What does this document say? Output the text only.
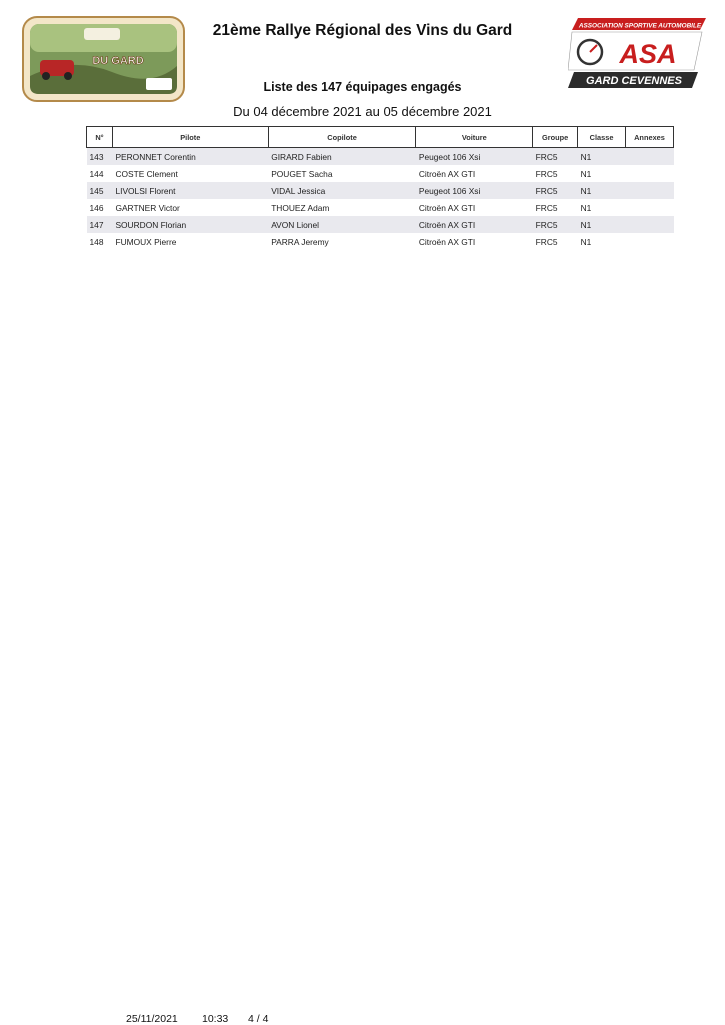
DU GARD
ASSOCIATION SPORTIVE AUTOMOBILE
ASA
GARD CEVENNES
21ème Rallye Régional des Vins du Gard
Liste des 147 équipages engagés
Du 04 décembre 2021 au 05 décembre 2021
N°	Pilote	Copilote	Voiture	Groupe	Classe	Annexes
143	PERONNET Corentin	GIRARD Fabien	Peugeot 106 Xsi	FRC5	N1	
144	COSTE Clement	POUGET Sacha	Citroën AX GTI	FRC5	N1	
145	LIVOLSI Florent	VIDAL Jessica	Peugeot 106 Xsi	FRC5	N1	
146	GARTNER Victor	THOUEZ Adam	Citroën AX GTI	FRC5	N1	
147	SOURDON Florian	AVON Lionel	Citroën AX GTI	FRC5	N1	
148	FUMOUX Pierre	PARRA Jeremy	Citroën AX GTI	FRC5	N1	
25/11/2021 10:33 4 / 4
